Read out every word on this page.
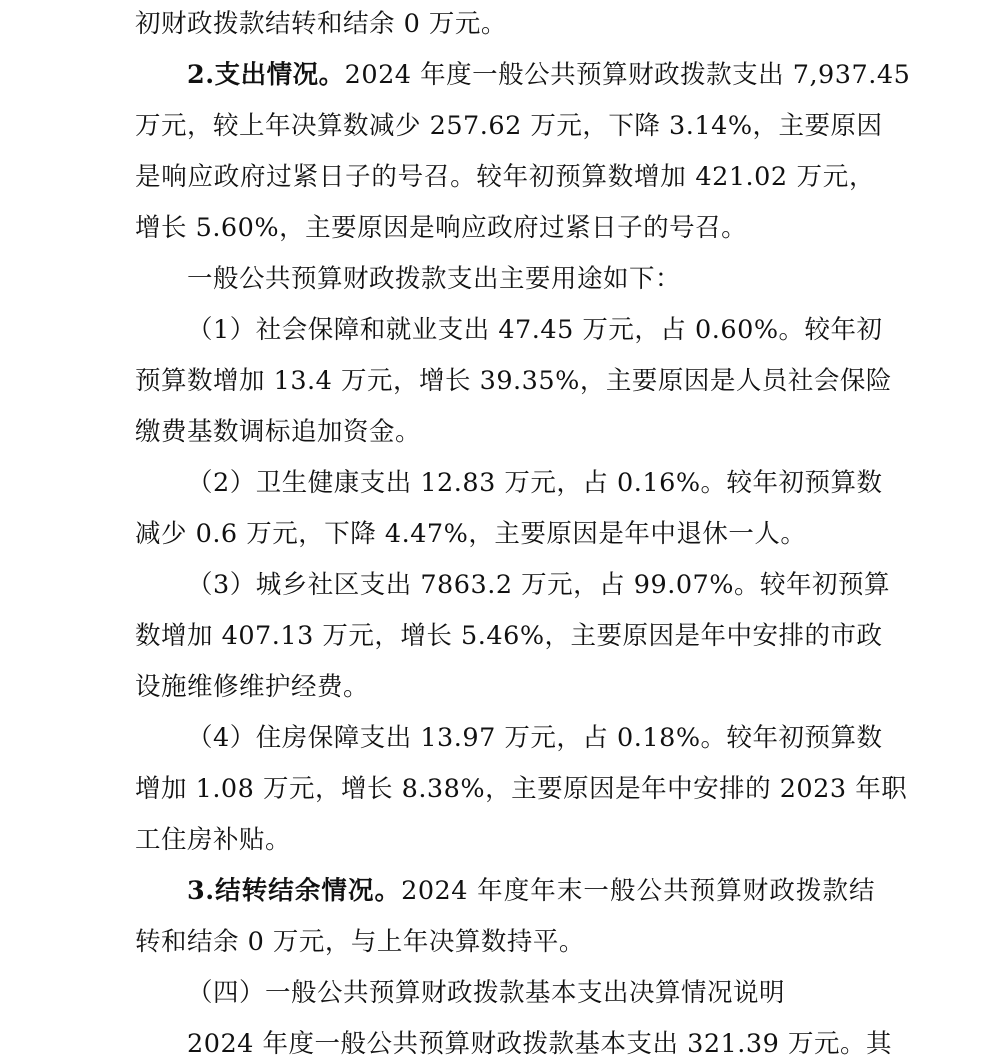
初财政拨款结转和结余 0 万元。
2.支出情况。2024 年度一般公共预算财政拨款支出 7,937.45
万元，较上年决算数减少 257.62 万元，下降 3.14%，主要原因
是响应政府过紧日子的号召。较年初预算数增加 421.02 万元，
增长 5.60%，主要原因是响应政府过紧日子的号召。
一般公共预算财政拨款支出主要用途如下：
（1）社会保障和就业支出 47.45 万元，占 0.60%。较年初
预算数增加 13.4 万元，增长 39.35%，主要原因是人员社会保险
缴费基数调标追加资金。
（2）卫生健康支出 12.83 万元，占 0.16%。较年初预算数
减少 0.6 万元，下降 4.47%，主要原因是年中退休一人。
（3）城乡社区支出 7863.2 万元，占 99.07%。较年初预算
数增加 407.13 万元，增长 5.46%，主要原因是年中安排的市政
设施维修维护经费。
（4）住房保障支出 13.97 万元，占 0.18%。较年初预算数
增加 1.08 万元，增长 8.38%，主要原因是年中安排的 2023 年职
工住房补贴。
3.结转结余情况。2024 年度年末一般公共预算财政拨款结
转和结余 0 万元，与上年决算数持平。
（四）一般公共预算财政拨款基本支出决算情况说明
2024 年度一般公共预算财政拨款基本支出 321.39 万元。其
